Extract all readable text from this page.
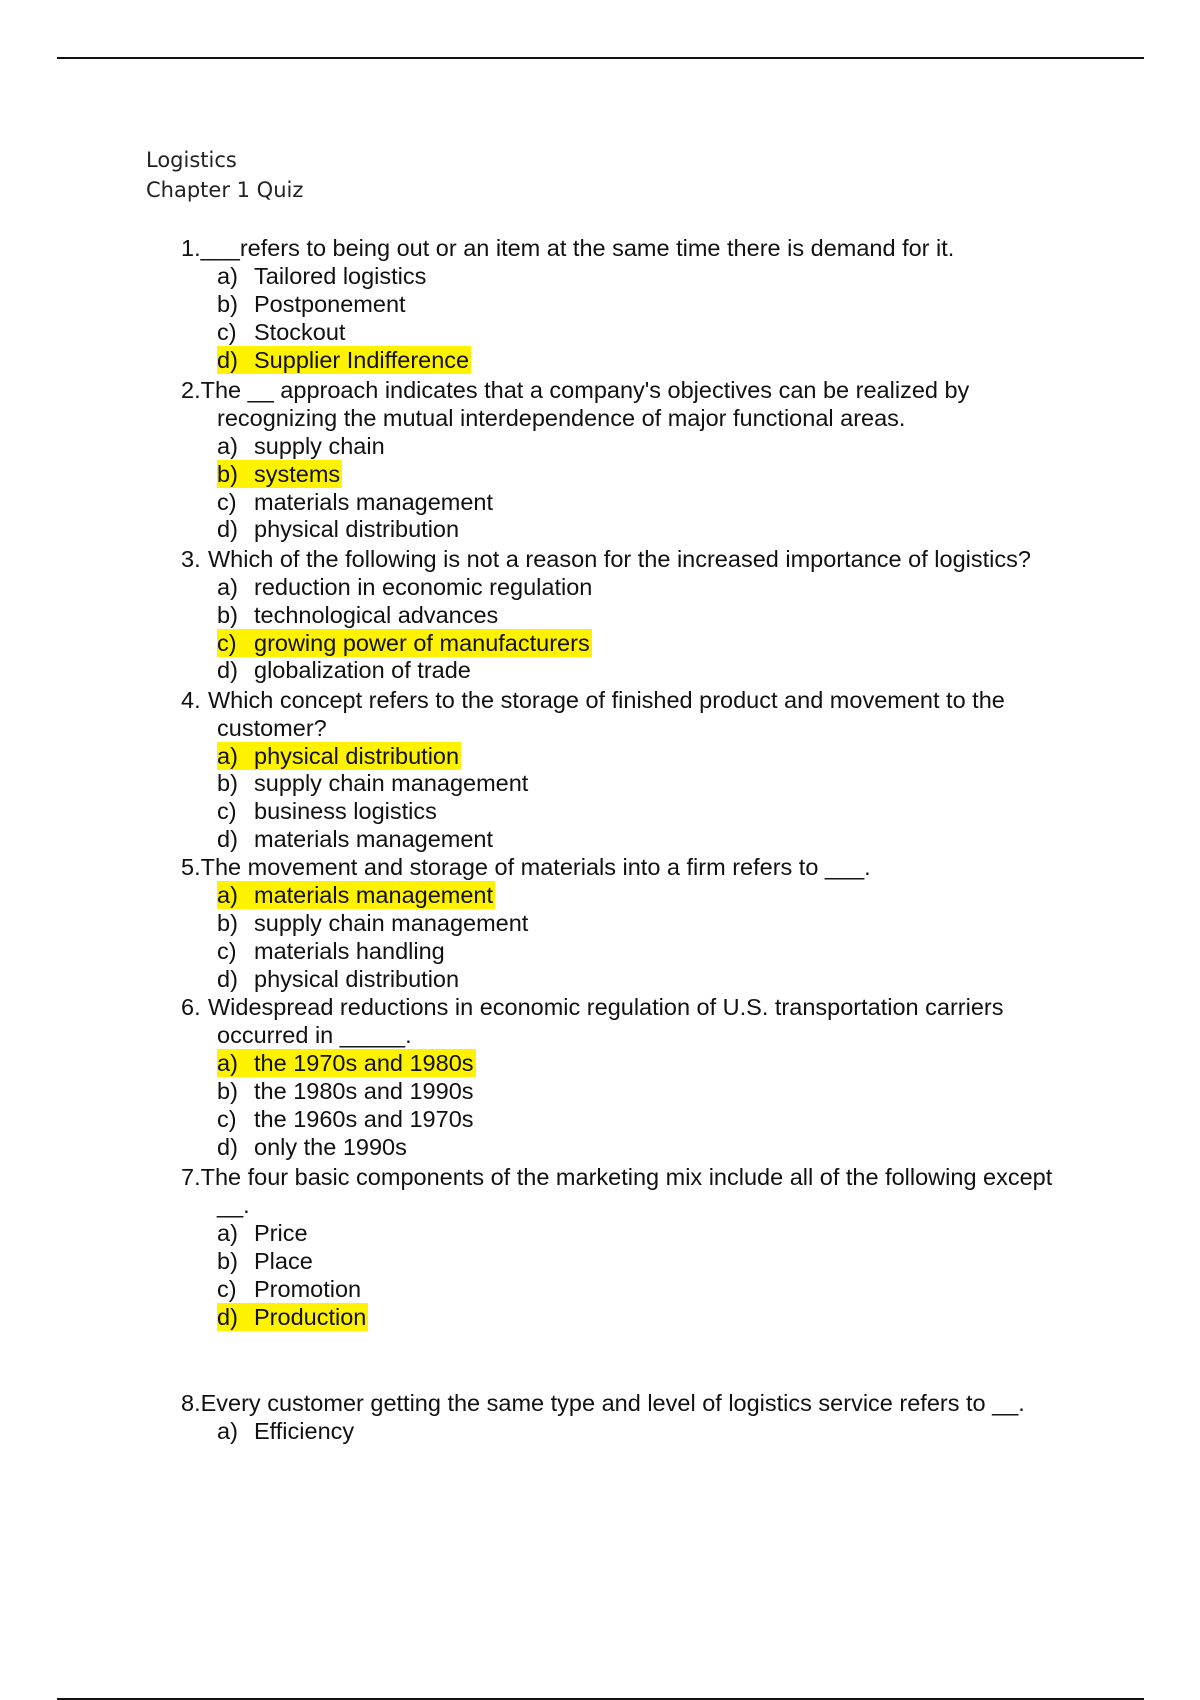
Logistics
Chapter 1 Quiz
1.___refers to being out or an item at the same time there is demand for it.
a) Tailored logistics
b) Postponement
c) Stockout
d) Supplier Indifference
2.The __ approach indicates that a company's objectives can be realized by
recognizing the mutual interdependence of major functional areas.
a) supply chain
b) systems
c) materials management
d) physical distribution
3. Which of the following is not a reason for the increased importance of logistics?
a) reduction in economic regulation
b) technological advances
c) growing power of manufacturers
d) globalization of trade
4. Which concept refers to the storage of finished product and movement to the
customer?
a) physical distribution
b) supply chain management
c) business logistics
d) materials management
5.The movement and storage of materials into a firm refers to ___.
a) materials management
b) supply chain management
c) materials handling
d) physical distribution
6. Widespread reductions in economic regulation of U.S. transportation carriers
occurred in _____.
a) the 1970s and 1980s
b) the 1980s and 1990s
c) the 1960s and 1970s
d) only the 1990s
7.The four basic components of the marketing mix include all of the following except
__.
a) Price
b) Place
c) Promotion
d) Production
8.Every customer getting the same type and level of logistics service refers to __.
a) Efficiency
